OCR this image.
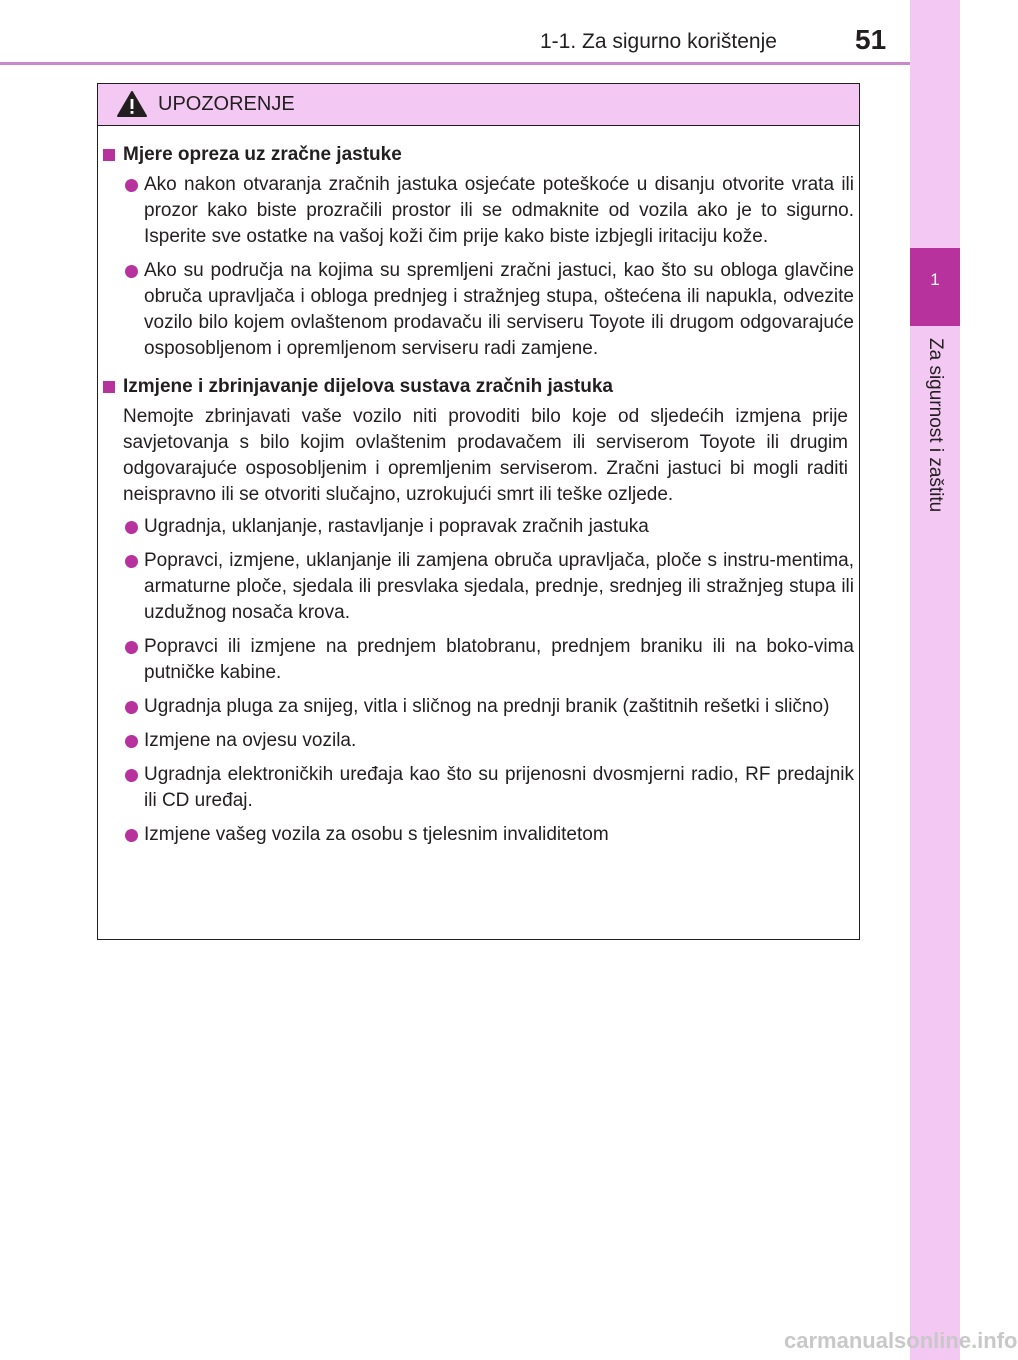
1-1. Za sigurno korištenje	51
1
Za sigurnost i zaštitu
UPOZORENJE
Mjere opreza uz zračne jastuke
Ako nakon otvaranja zračnih jastuka osjećate poteškoće u disanju otvorite vrata ili prozor kako biste prozračili prostor ili se odmaknite od vozila ako je to sigurno. Isperite sve ostatke na vašoj koži čim prije kako biste izbjegli iritaciju kože.
Ako su područja na kojima su spremljeni zračni jastuci, kao što su obloga glavčine obruča upravljača i obloga prednjeg i stražnjeg stupa, oštećena ili napukla, odvezite vozilo bilo kojem ovlaštenom prodavaču ili serviseru Toyote ili drugom odgovarajuće osposobljenom i opremljenom serviseru radi zamjene.
Izmjene i zbrinjavanje dijelova sustava zračnih jastuka
Nemojte zbrinjavati vaše vozilo niti provoditi bilo koje od sljedećih izmjena prije savjetovanja s bilo kojim ovlaštenim prodavačem ili serviserom Toyote ili drugim odgovarajuće osposobljenim i opremljenim serviserom. Zračni jastuci bi mogli raditi neispravno ili se otvoriti slučajno, uzrokujući smrt ili teške ozljede.
Ugradnja, uklanjanje, rastavljanje i popravak zračnih jastuka
Popravci, izmjene, uklanjanje ili zamjena obruča upravljača, ploče s instru-mentima, armaturne ploče, sjedala ili presvlaka sjedala, prednje, srednjeg ili stražnjeg stupa ili uzdužnog nosača krova.
Popravci ili izmjene na prednjem blatobranu, prednjem braniku ili na boko-vima putničke kabine.
Ugradnja pluga za snijeg, vitla i sličnog na prednji branik (zaštitnih rešetki i slično)
Izmjene na ovjesu vozila.
Ugradnja elektroničkih uređaja kao što su prijenosni dvosmjerni radio, RF predajnik ili CD uređaj.
Izmjene vašeg vozila za osobu s tjelesnim invaliditetom
carmanualsonline.info
